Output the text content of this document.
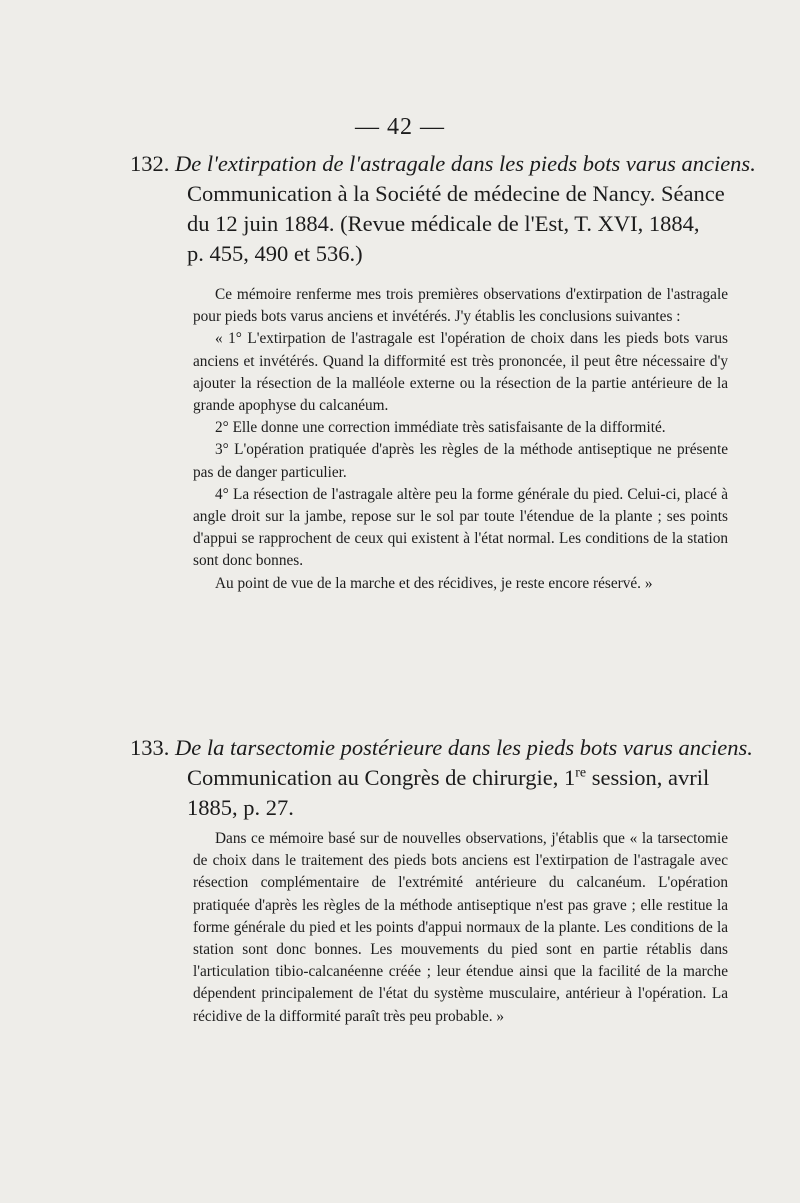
— 42 —
132. De l'extirpation de l'astragale dans les pieds bots varus anciens.
Communication à la Société de médecine de Nancy. Séance
du 12 juin 1884. (Revue médicale de l'Est, T. XVI, 1884,
p. 455, 490 et 536.)

Ce mémoire renferme mes trois premières observations d'extirpation de l'astragale pour pieds bots varus anciens et invétérés. J'y établis les conclusions suivantes :

« 1° L'extirpation de l'astragale est l'opération de choix dans les pieds bots varus anciens et invétérés. Quand la difformité est très prononcée, il peut être nécessaire d'y ajouter la résection de la malléole externe ou la résection de la partie antérieure de la grande apophyse du calcanéum.

2° Elle donne une correction immédiate très satisfaisante de la difformité.

3° L'opération pratiquée d'après les règles de la méthode antiseptique ne présente pas de danger particulier.

4° La résection de l'astragale altère peu la forme générale du pied. Celui-ci, placé à angle droit sur la jambe, repose sur le sol par toute l'étendue de la plante ; ses points d'appui se rapprochent de ceux qui existent à l'état normal. Les conditions de la station sont donc bonnes.

Au point de vue de la marche et des récidives, je reste encore réservé. »

133. De la tarsectomie postérieure dans les pieds bots varus anciens.
Communication au Congrès de chirurgie, 1re session, avril
1885, p. 27.

Dans ce mémoire basé sur de nouvelles observations, j'établis que « la tarsectomie de choix dans le traitement des pieds bots anciens est l'extirpation de l'astragale avec résection complémentaire de l'extrémité antérieure du calcanéum. L'opération pratiquée d'après les règles de la méthode antiseptique n'est pas grave ; elle restitue la forme générale du pied et les points d'appui normaux de la plante. Les conditions de la station sont donc bonnes. Les mouvements du pied sont en partie rétablis dans l'articulation tibio-calcanéenne créée ; leur étendue ainsi que la facilité de la marche dépendent principalement de l'état du système musculaire, antérieur à l'opération. La récidive de la difformité paraît très peu probable. »
